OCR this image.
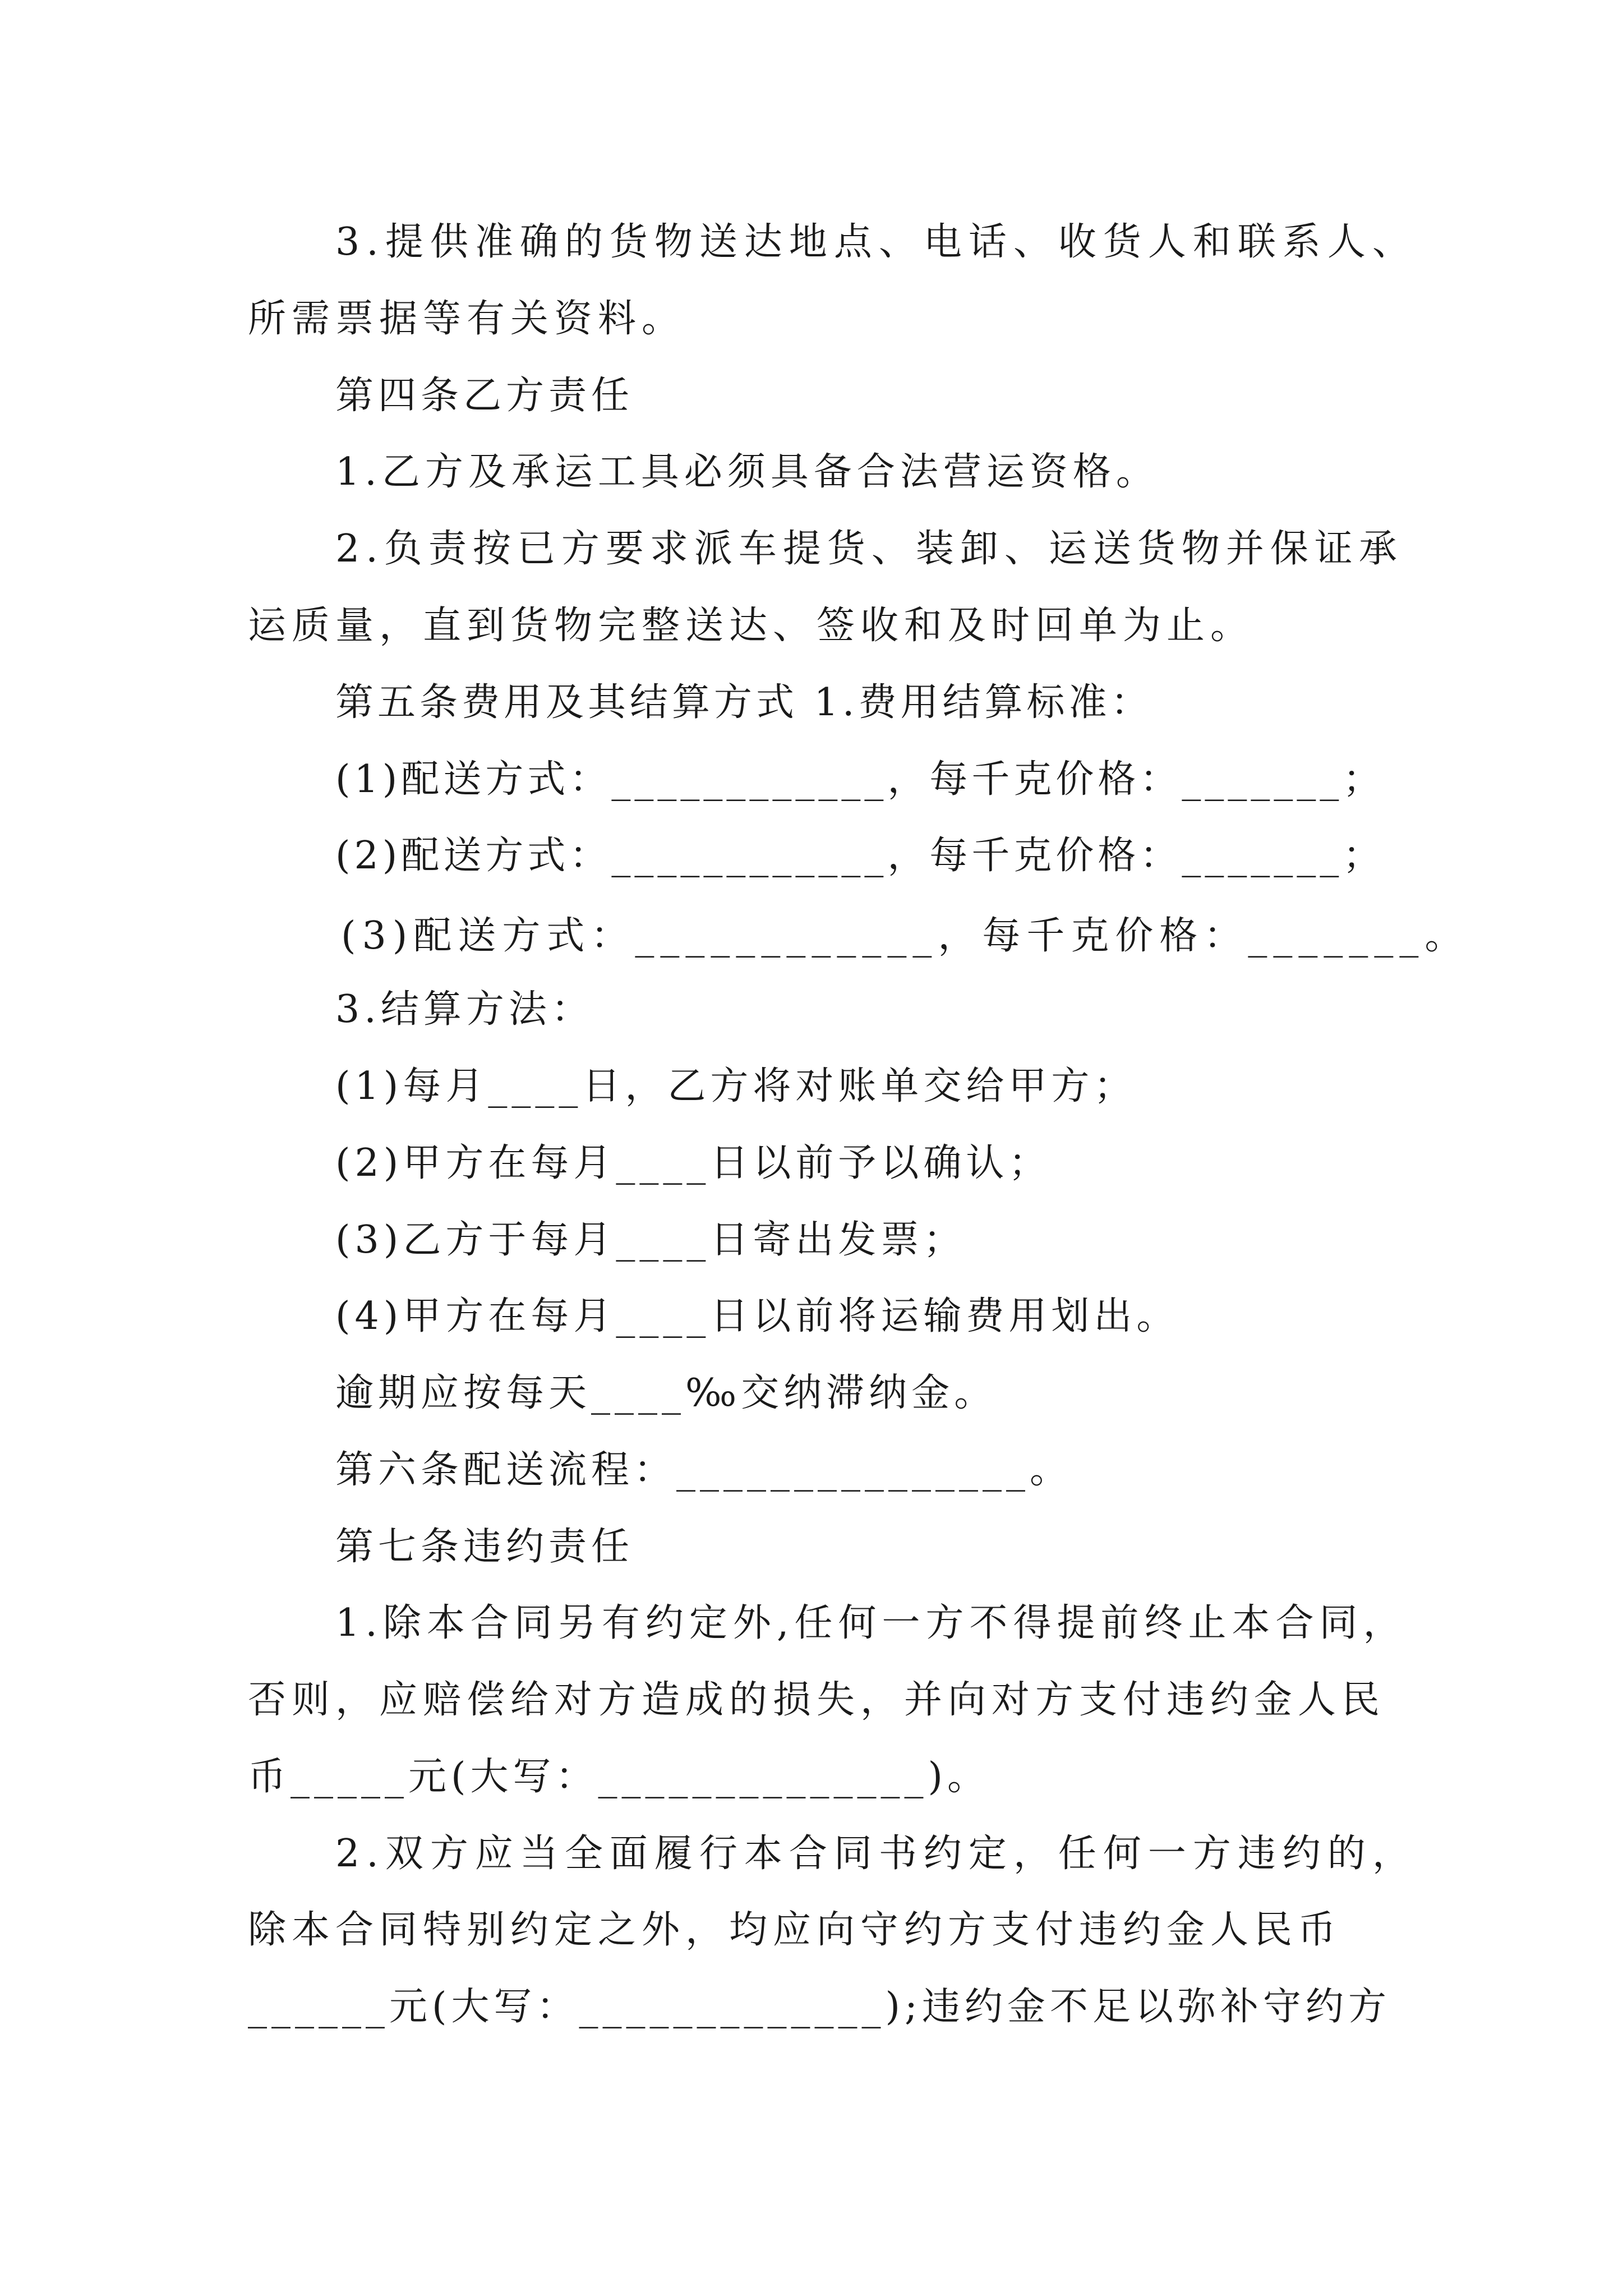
3.提供准确的货物送达地点、电话、收货人和联系人、
所需票据等有关资料。
第四条乙方责任
1.乙方及承运工具必须具备合法营运资格。
2.负责按已方要求派车提货、装卸、运送货物并保证承
运质量，直到货物完整送达、签收和及时回单为止。
第五条费用及其结算方式 1.费用结算标准：
(1)配送方式：____________，每千克价格：_______；
(2)配送方式：____________，每千克价格：_______；
(3)配送方式：____________，每千克价格：_______。
3.结算方法：
(1)每月____日，乙方将对账单交给甲方；
(2)甲方在每月____日以前予以确认；
(3)乙方于每月____日寄出发票；
(4)甲方在每月____日以前将运输费用划出。
逾期应按每天____‰交纳滞纳金。
第六条配送流程：_______________。
第七条违约责任
1.除本合同另有约定外,任何一方不得提前终止本合同，
否则，应赔偿给对方造成的损失，并向对方支付违约金人民
币_____元(大写：______________)。
2.双方应当全面履行本合同书约定，任何一方违约的，
除本合同特别约定之外，均应向守约方支付违约金人民币
______元(大写：_____________);违约金不足以弥补守约方
